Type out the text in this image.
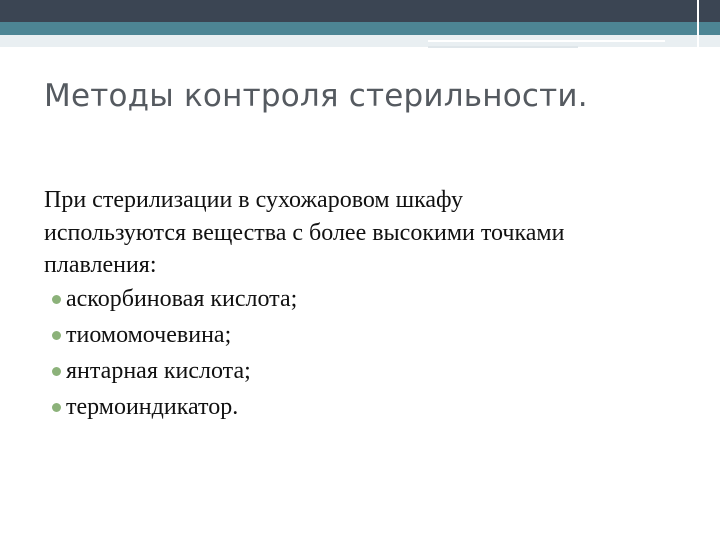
Методы контроля стерильности.
При стерилизации в сухожаровом шкафу
используются вещества с более высокими точками
плавления:
аскорбиновая кислота;
тиомомочевина;
янтарная кислота;
термоиндикатор.
